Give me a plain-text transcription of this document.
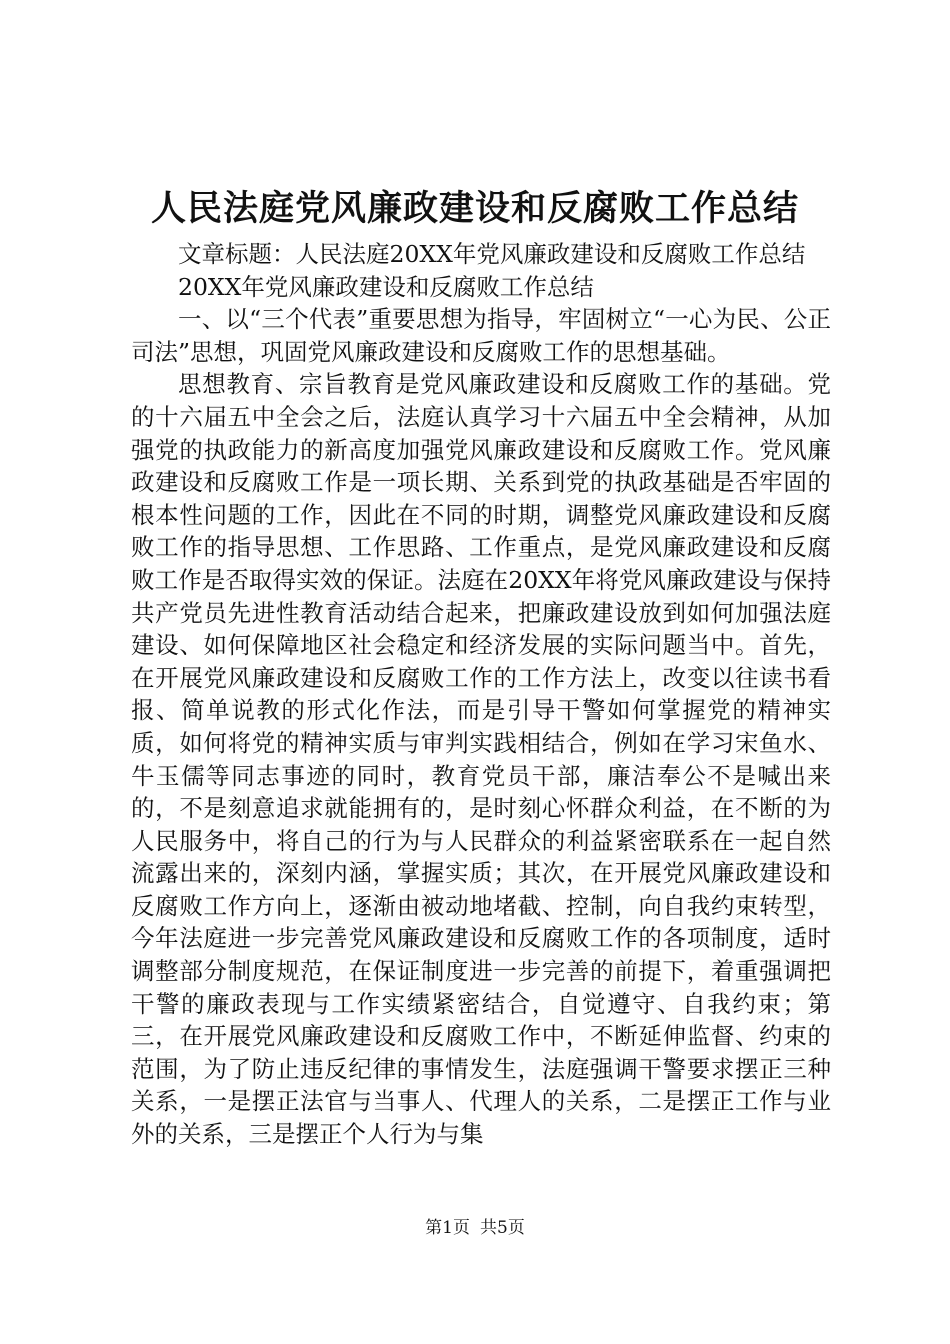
人民法庭党风廉政建设和反腐败工作总结

文章标题：人民法庭20XX年党风廉政建设和反腐败工作总结

20XX年党风廉政建设和反腐败工作总结

一、以“三个代表”重要思想为指导，牢固树立“一心为民、公正司法”思想，巩固党风廉政建设和反腐败工作的思想基础。

思想教育、宗旨教育是党风廉政建设和反腐败工作的基础。党的十六届五中全会之后，法庭认真学习十六届五中全会精神，从加强党的执政能力的新高度加强党风廉政建设和反腐败工作。党风廉政建设和反腐败工作是一项长期、关系到党的执政基础是否牢固的根本性问题的工作，因此在不同的时期，调整党风廉政建设和反腐败工作的指导思想、工作思路、工作重点，是党风廉政建设和反腐败工作是否取得实效的保证。法庭在20XX年将党风廉政建设与保持共产党员先进性教育活动结合起来，把廉政建设放到如何加强法庭建设、如何保障地区社会稳定和经济发展的实际问题当中。首先，在开展党风廉政建设和反腐败工作的工作方法上，改变以往读书看报、简单说教的形式化作法，而是引导干警如何掌握党的精神实质，如何将党的精神实质与审判实践相结合，例如在学习宋鱼水、牛玉儒等同志事迹的同时，教育党员干部，廉洁奉公不是喊出来的，不是刻意追求就能拥有的，是时刻心怀群众利益，在不断的为人民服务中，将自己的行为与人民群众的利益紧密联系在一起自然流露出来的，深刻内涵，掌握实质；其次，在开展党风廉政建设和反腐败工作方向上，逐渐由被动地堵截、控制，向自我约束转型，今年法庭进一步完善党风廉政建设和反腐败工作的各项制度，适时调整部分制度规范，在保证制度进一步完善的前提下，着重强调把干警的廉政表现与工作实绩紧密结合，自觉遵守、自我约束；第三，在开展党风廉政建设和反腐败工作中，不断延伸监督、约束的范围，为了防止违反纪律的事情发生，法庭强调干警要求摆正三种关系，一是摆正法官与当事人、代理人的关系，二是摆正工作与业外的关系，三是摆正个人行为与集

第1页 共5页
